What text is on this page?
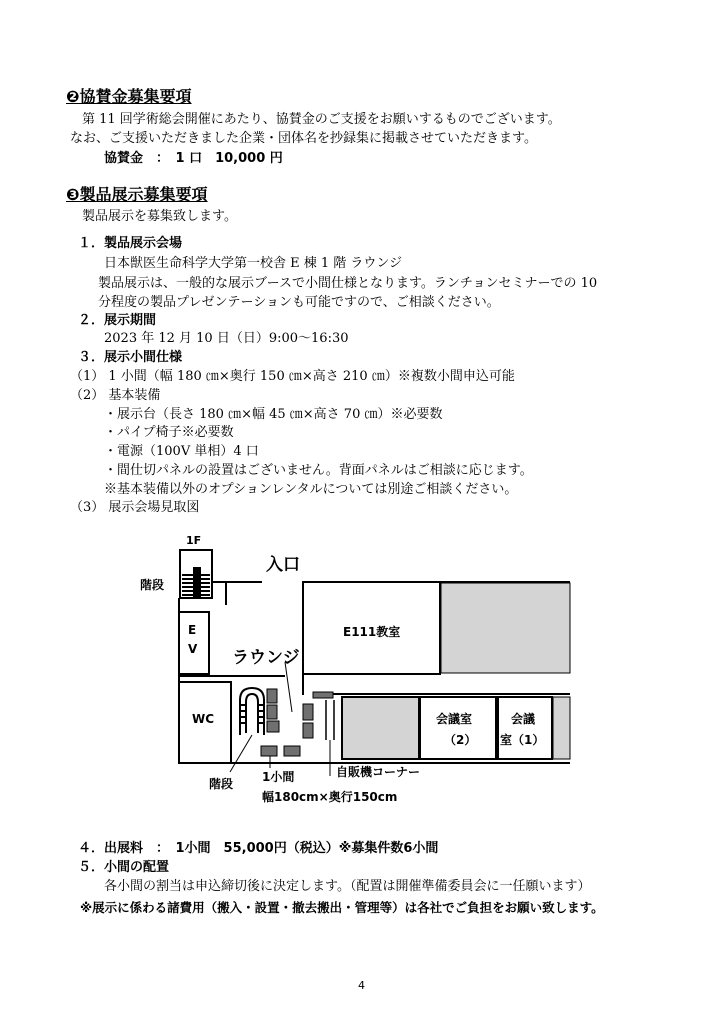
❷協賛金募集要項
第 11 回学術総会開催にあたり、協賛金のご支援をお願いするものでございます。
なお、ご支援いただきました企業・団体名を抄録集に掲載させていただきます。
協賛金　：　1 口　10,000 円
❸製品展示募集要項
製品展示を募集致します。
１．製品展示会場
日本獣医生命科学大学第一校舎 E 棟 1 階 ラウンジ
製品展示は、一般的な展示ブースで小間仕様となります。ランチョンセミナーでの 10
分程度の製品プレゼンテーションも可能ですので、ご相談ください。
２．展示期間
2023 年 12 月 10 日（日）9:00～16:30
３．展示小間仕様
（1） 1 小間（幅 180 ㎝×奥行 150 ㎝×高さ 210 ㎝）※複数小間申込可能
（2） 基本装備
・展示台（長さ 180 ㎝×幅 45 ㎝×高さ 70 ㎝）※必要数
・パイプ椅子※必要数
・電源（100V 単相）4 口
・間仕切パネルの設置はございません。背面パネルはご相談に応じます。
※基本装備以外のオプションレンタルについては別途ご相談ください。
（3） 展示会場見取図
1F
入口
階段
E
V
E111教室
ラウンジ
WC	会議室
（2）
会議
室（1）
階段 1小間
幅180cm×奥行150cm
自販機コーナー
４．出展料　：　1小間　55,000円（税込）※募集件数6小間
５．小間の配置
各小間の割当は申込締切後に決定します。（配置は開催準備委員会に一任願います）
※展示に係わる諸費用（搬入・設置・撤去搬出・管理等）は各社でご負担をお願い致します。
4
